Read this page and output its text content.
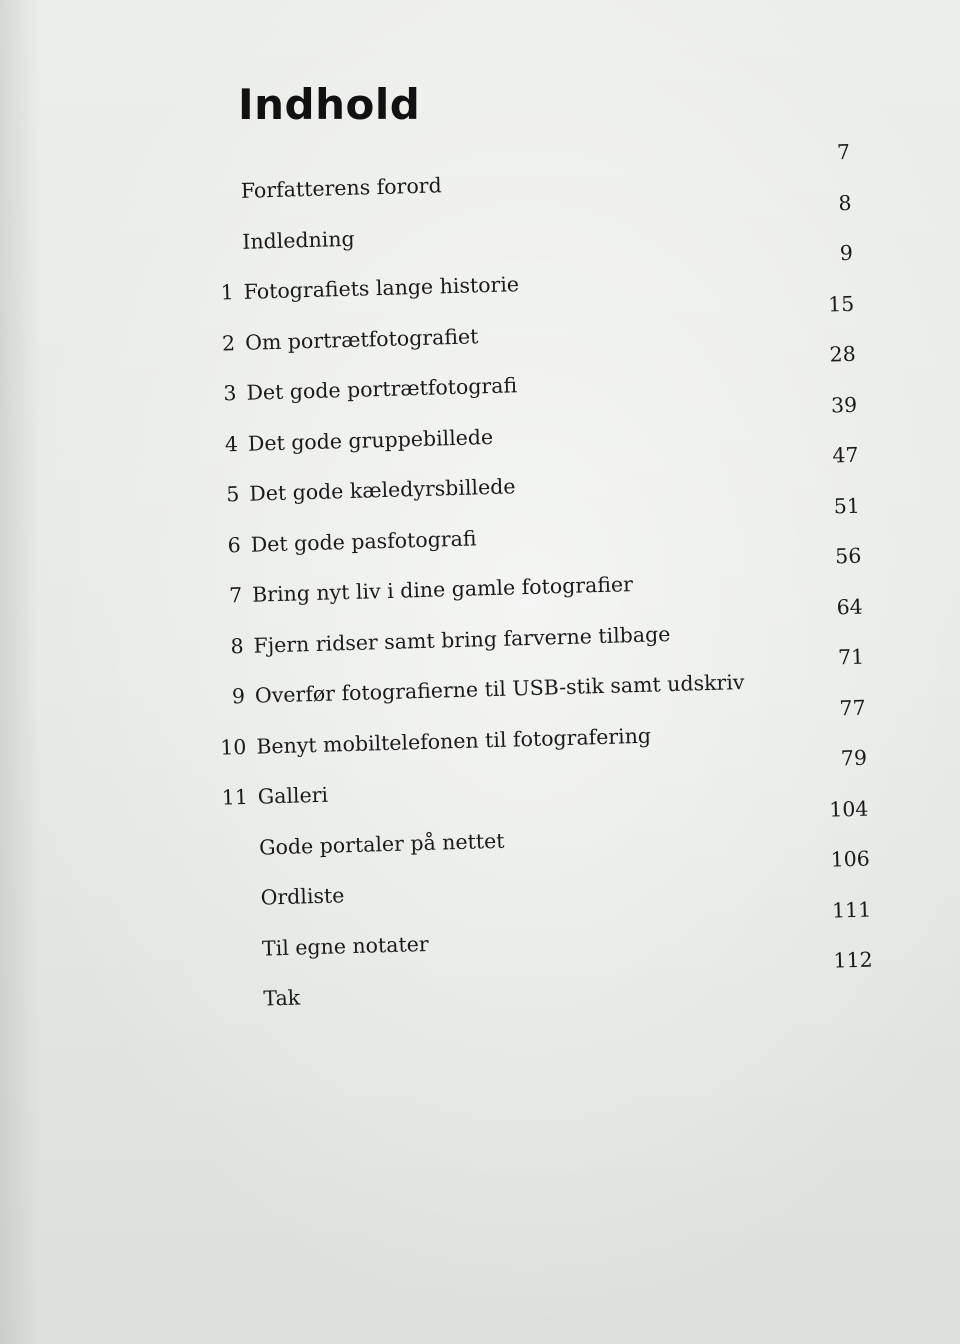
Indhold
Forfatterens forord
7
Indledning
8
1 Fotografiets lange historie
9
2 Om portrætfotografiet
15
3 Det gode portrætfotografi
28
4 Det gode gruppebillede
39
5 Det gode kæledyrsbillede
47
6 Det gode pasfotografi
51
7 Bring nyt liv i dine gamle fotografier
56
8 Fjern ridser samt bring farverne tilbage
64
9 Overfør fotografierne til USB-stik samt udskriv
71
10 Benyt mobiltelefonen til fotografering
77
11 Galleri
79
Gode portaler på nettet
104
Ordliste
106
Til egne notater
111
Tak
112
